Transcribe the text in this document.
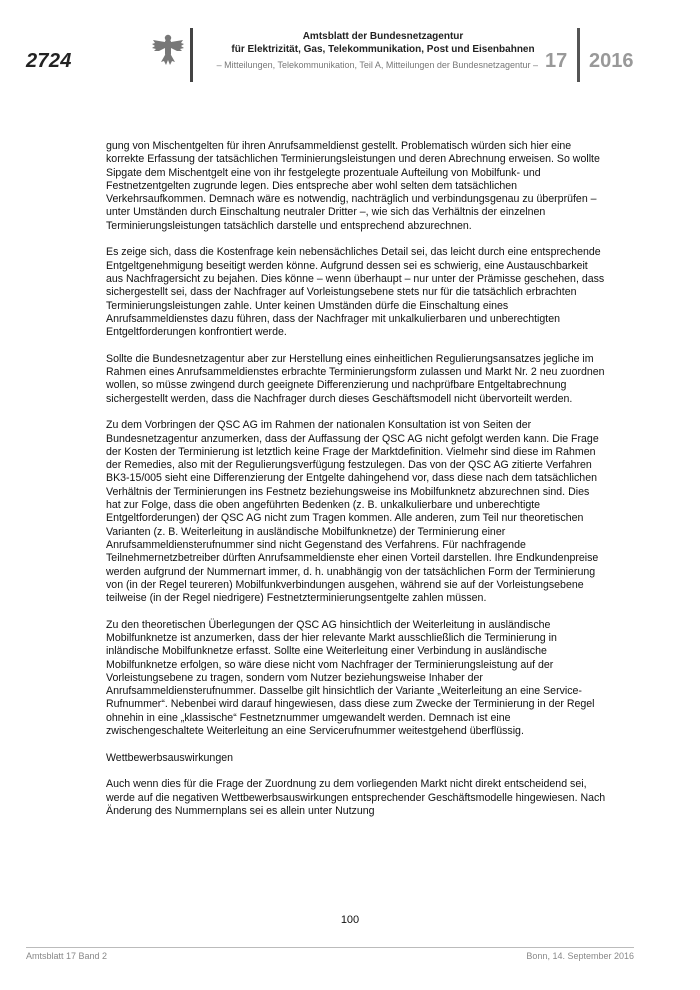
2724
Amtsblatt der Bundesnetzagentur
für Elektrizität, Gas, Telekommunikation, Post und Eisenbahnen
– Mitteilungen, Telekommunikation, Teil A, Mitteilungen der Bundesnetzagentur – 17 2016

gung von Mischentgelten für ihren Anrufsammeldienst gestellt. Problematisch würden sich hier eine korrekte Erfassung der tatsächlichen Terminierungsleistungen und deren Abrechnung erweisen. So wollte Sipgate dem Mischentgelt eine von ihr festgelegte prozentuale Aufteilung von Mobilfunk- und Festnetzentgelten zugrunde legen. Dies entspreche aber wohl selten dem tatsächlichen Verkehrsaufkommen. Demnach wäre es notwendig, nachträglich und verbindungsgenau zu überprüfen – unter Umständen durch Einschaltung neutraler Dritter –, wie sich das Verhältnis der einzelnen Terminierungsleistungen tatsächlich darstelle und entsprechend abzurechnen.

Es zeige sich, dass die Kostenfrage kein nebensächliches Detail sei, das leicht durch eine entsprechende Entgeltgenehmigung beseitigt werden könne. Aufgrund dessen sei es schwierig, eine Austauschbarkeit aus Nachfragersicht zu bejahen. Dies könne – wenn überhaupt – nur unter der Prämisse geschehen, dass sichergestellt sei, dass der Nachfrager auf Vorleistungsebene stets nur für die tatsächlich erbrachten Terminierungsleistungen zahle. Unter keinen Umständen dürfe die Einschaltung eines Anrufsammeldienstes dazu führen, dass der Nachfrager mit unkalkulierbaren und unberechtigten Entgeltforderungen konfrontiert werde.

Sollte die Bundesnetzagentur aber zur Herstellung eines einheitlichen Regulierungsansatzes jegliche im Rahmen eines Anrufsammeldienstes erbrachte Terminierungsform zulassen und Markt Nr. 2 neu zuordnen wollen, so müsse zwingend durch geeignete Differenzierung und nachprüfbare Entgeltabrechnung sichergestellt werden, dass die Nachfrager durch dieses Geschäftsmodell nicht übervorteilt werden.

Zu dem Vorbringen der QSC AG im Rahmen der nationalen Konsultation ist von Seiten der Bundesnetzagentur anzumerken, dass der Auffassung der QSC AG nicht gefolgt werden kann. Die Frage der Kosten der Terminierung ist letztlich keine Frage der Marktdefinition. Vielmehr sind diese im Rahmen der Remedies, also mit der Regulierungsverfügung festzulegen. Das von der QSC AG zitierte Verfahren BK3-15/005 sieht eine Differenzierung der Entgelte dahingehend vor, dass diese nach dem tatsächlichen Verhältnis der Terminierungen ins Festnetz beziehungsweise ins Mobilfunknetz abzurechnen sind. Dies hat zur Folge, dass die oben angeführten Bedenken (z. B. unkalkulierbare und unberechtigte Entgeltforderungen) der QSC AG nicht zum Tragen kommen. Alle anderen, zum Teil nur theoretischen Varianten (z. B. Weiterleitung in ausländische Mobilfunknetze) der Terminierung einer Anrufsammeldiensterufnummer sind nicht Gegenstand des Verfahrens. Für nachfragende Teilnehmernetzbetreiber dürften Anrufsammeldienste eher einen Vorteil darstellen. Ihre Endkundenpreise werden aufgrund der Nummernart immer, d. h. unabhängig von der tatsächlichen Form der Terminierung von (in der Regel teureren) Mobilfunkverbindungen ausgehen, während sie auf der Vorleistungsebene teilweise (in der Regel niedrigere) Festnetzterminierungsentgelte zahlen müssen.

Zu den theoretischen Überlegungen der QSC AG hinsichtlich der Weiterleitung in ausländische Mobilfunknetze ist anzumerken, dass der hier relevante Markt ausschließlich die Terminierung in inländische Mobilfunknetze erfasst. Sollte eine Weiterleitung einer Verbindung in ausländische Mobilfunknetze erfolgen, so wäre diese nicht vom Nachfrager der Terminierungsleistung auf der Vorleistungsebene zu tragen, sondern vom Nutzer beziehungsweise Inhaber der Anrufsammeldiensterufnummer. Dasselbe gilt hinsichtlich der Variante „Weiterleitung an eine Service-Rufnummer“. Nebenbei wird darauf hingewiesen, dass diese zum Zwecke der Terminierung in der Regel ohnehin in eine „klassische“ Festnetznummer umgewandelt werden. Demnach ist eine zwischengeschaltete Weiterleitung an eine Servicerufnummer weitestgehend überflüssig.

Wettbewerbsauswirkungen

Auch wenn dies für die Frage der Zuordnung zu dem vorliegenden Markt nicht direkt entscheidend sei, werde auf die negativen Wettbewerbsauswirkungen entsprechender Geschäftsmodelle hingewiesen. Nach Änderung des Nummernplans sei es allein unter Nutzung

100
Amtsblatt 17 Band 2	Bonn, 14. September 2016
